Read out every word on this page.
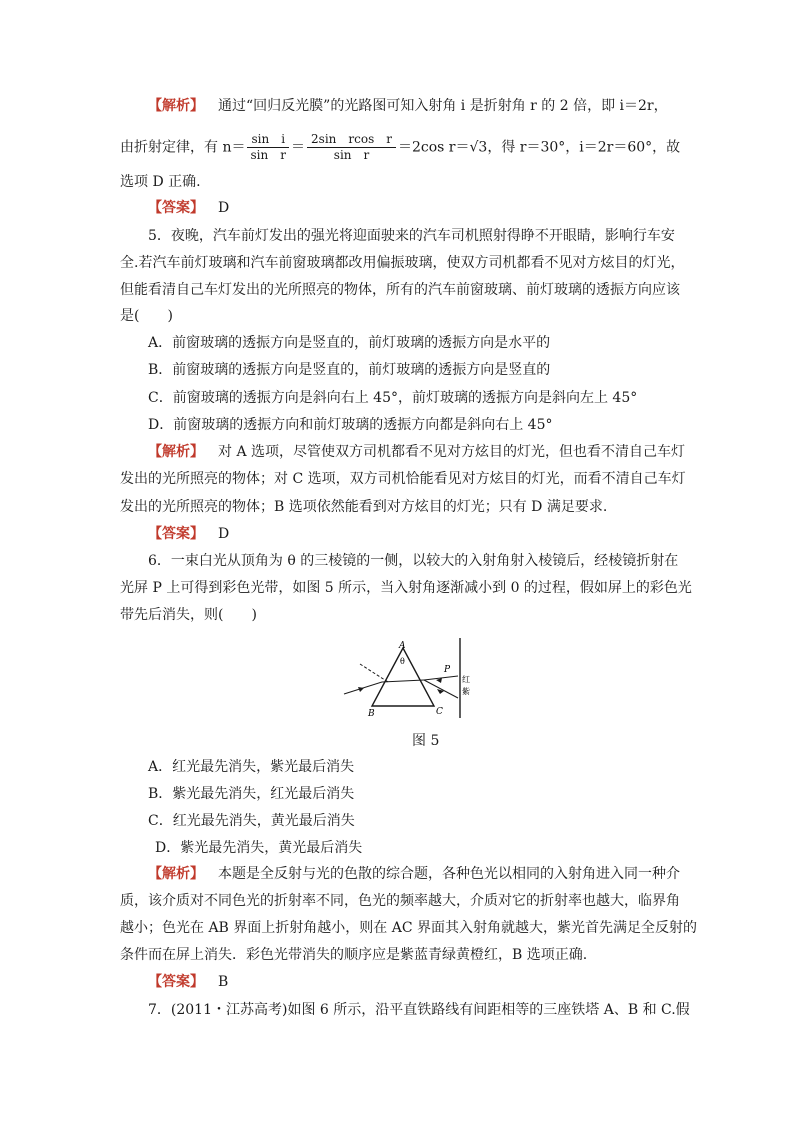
【解析】 通过“回归反光膜”的光路图可知入射角 i 是折射角 r 的 2 倍，即 i＝2r，
由折射定律，有 $n= \frac{\text{sin　i}}{\text{sin　r}} = \frac{\text{2sin　rcos　r}}{\text{sin　r}} =2\cos$ r＝√3，得 r＝30°，i＝2r＝60°，故
选项 D 正确.
【答案】 D
5．夜晚，汽车前灯发出的强光将迎面驶来的汽车司机照射得睁不开眼睛，影响行车安
全.若汽车前灯玻璃和汽车前窗玻璃都改用偏振玻璃，使双方司机都看不见对方炫目的灯光，
但能看清自己车灯发出的光所照亮的物体，所有的汽车前窗玻璃、前灯玻璃的透振方向应该
是(　　)
A．前窗玻璃的透振方向是竖直的，前灯玻璃的透振方向是水平的
B．前窗玻璃的透振方向是竖直的，前灯玻璃的透振方向是竖直的
C．前窗玻璃的透振方向是斜向右上 45°，前灯玻璃的透振方向是斜向左上 45°
D．前窗玻璃的透振方向和前灯玻璃的透振方向都是斜向右上 45°
【解析】 对 A 选项，尽管使双方司机都看不见对方炫目的灯光，但也看不清自己车灯
发出的光所照亮的物体；对 C 选项，双方司机恰能看见对方炫目的灯光，而看不清自己车灯
发出的光所照亮的物体；B 选项依然能看到对方炫目的灯光；只有 D 满足要求.
【答案】 D
6．一束白光从顶角为 θ 的三棱镜的一侧，以较大的入射角射入棱镜后，经棱镜折射在
光屏 P 上可得到彩色光带，如图 5 所示，当入射角逐渐减小到 0 的过程，假如屏上的彩色光
带先后消失，则(　　)
A
θ
B	C
P
红
紫
图 5
A．红光最先消失，紫光最后消失
B．紫光最先消失，红光最后消失
C．红光最先消失，黄光最后消失
D．紫光最先消失，黄光最后消失
【解析】 本题是全反射与光的色散的综合题，各种色光以相同的入射角进入同一种介
质，该介质对不同色光的折射率不同，色光的频率越大，介质对它的折射率也越大，临界角
越小；色光在 AB 界面上折射角越小，则在 AC 界面其入射角就越大，紫光首先满足全反射的
条件而在屏上消失．彩色光带消失的顺序应是紫蓝青绿黄橙红，B 选项正确.
【答案】 B
7．(2011・江苏高考)如图 6 所示，沿平直铁路线有间距相等的三座铁塔 A、B 和 C.假
